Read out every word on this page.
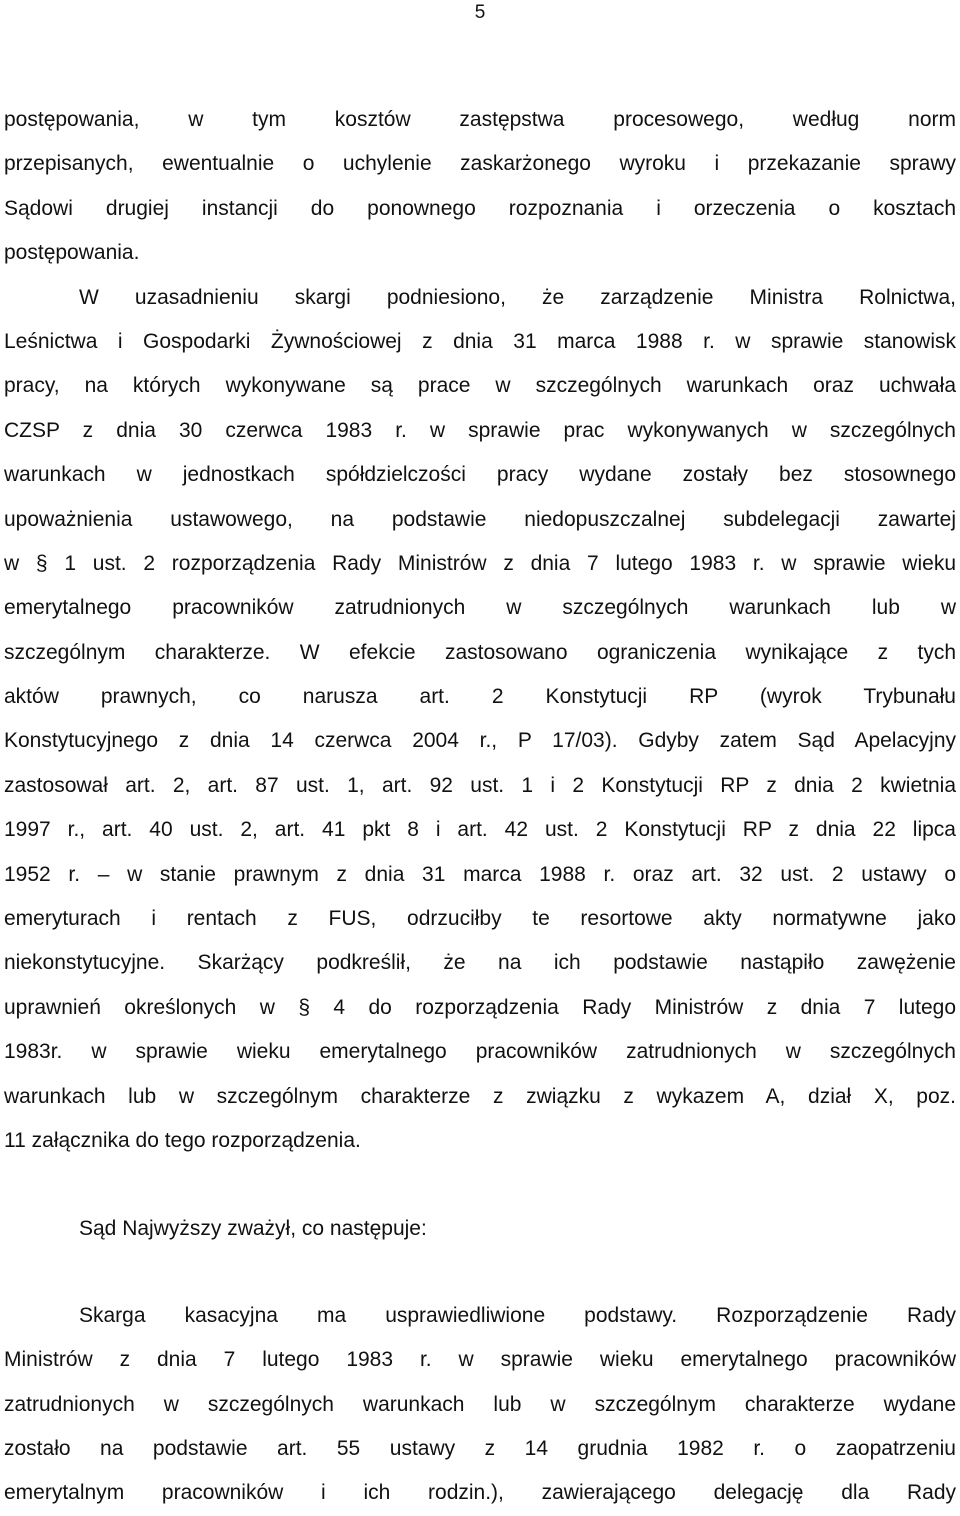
5
postępowania, w tym kosztów zastępstwa procesowego, według norm
przepisanych, ewentualnie o uchylenie zaskarżonego wyroku i przekazanie sprawy
Sądowi drugiej instancji do ponownego rozpoznania i orzeczenia o kosztach
postępowania.
W uzasadnieniu skargi podniesiono, że zarządzenie Ministra Rolnictwa,
Leśnictwa i Gospodarki Żywnościowej z dnia 31 marca 1988 r. w sprawie stanowisk
pracy, na których wykonywane są prace w szczególnych warunkach oraz uchwała
CZSP z dnia 30 czerwca 1983 r. w sprawie prac wykonywanych w szczególnych
warunkach w jednostkach spółdzielczości pracy wydane zostały bez stosownego
upoważnienia ustawowego, na podstawie niedopuszczalnej subdelegacji zawartej
w § 1 ust. 2 rozporządzenia Rady Ministrów z dnia 7 lutego 1983 r. w sprawie wieku
emerytalnego pracowników zatrudnionych w szczególnych warunkach lub w
szczególnym charakterze. W efekcie zastosowano ograniczenia wynikające z tych
aktów prawnych, co narusza art. 2 Konstytucji RP (wyrok Trybunału
Konstytucyjnego z dnia 14 czerwca 2004 r., P 17/03). Gdyby zatem Sąd Apelacyjny
zastosował art. 2, art. 87 ust. 1, art. 92 ust. 1 i 2 Konstytucji RP z dnia 2 kwietnia
1997 r., art. 40 ust. 2, art. 41 pkt 8 i art. 42 ust. 2 Konstytucji RP z dnia 22 lipca
1952 r. – w stanie prawnym z dnia 31 marca 1988 r. oraz art. 32 ust. 2 ustawy o
emeryturach i rentach z FUS, odrzuciłby te resortowe akty normatywne jako
niekonstytucyjne. Skarżący podkreślił, że na ich podstawie nastąpiło zawężenie
uprawnień określonych w § 4 do rozporządzenia Rady Ministrów z dnia 7 lutego
1983r. w sprawie wieku emerytalnego pracowników zatrudnionych w szczególnych
warunkach lub w szczególnym charakterze z związku z wykazem A, dział X, poz.
11 załącznika do tego rozporządzenia.
Sąd Najwyższy zważył, co następuje:
Skarga kasacyjna ma usprawiedliwione podstawy. Rozporządzenie Rady
Ministrów z dnia 7 lutego 1983 r. w sprawie wieku emerytalnego pracowników
zatrudnionych w szczególnych warunkach lub w szczególnym charakterze wydane
zostało na podstawie art. 55 ustawy z 14 grudnia 1982 r. o zaopatrzeniu
emerytalnym pracowników i ich rodzin.), zawierającego delegację dla Rady
